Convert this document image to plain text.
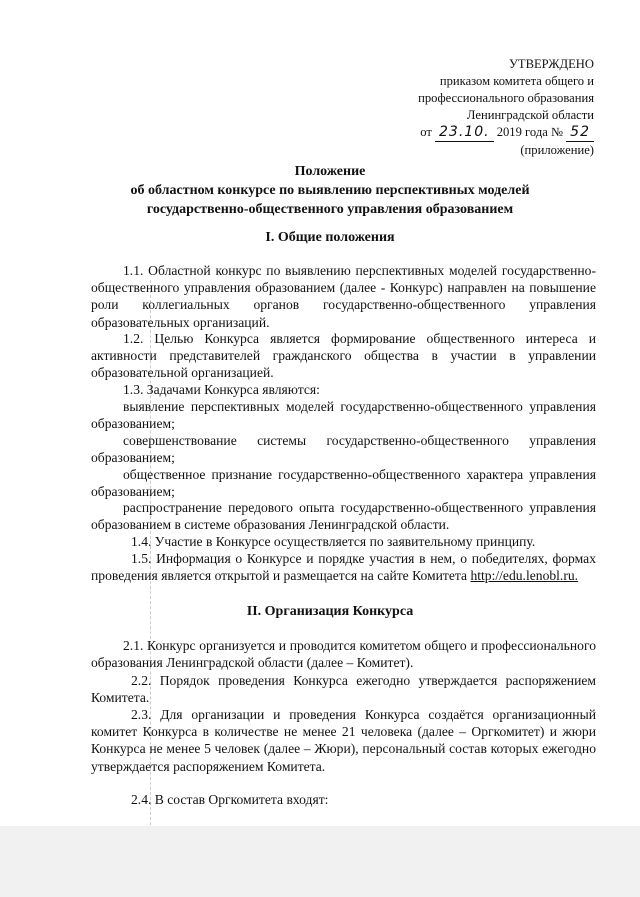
УТВЕРЖДЕНО
приказом комитета общего и
профессионального образования
Ленинградской области
от 23.10. 2019 года № 52
(приложение)
Положение
об областном конкурсе по выявлению перспективных моделей
государственно-общественного управления образованием
I. Общие положения
1.1. Областной конкурс по выявлению перспективных моделей государственно-общественного управления образованием (далее - Конкурс) направлен на повышение роли коллегиальных органов государственно-общественного управления образовательных организаций.
1.2. Целью Конкурса является формирование общественного интереса и активности представителей гражданского общества в участии в управлении образовательной организацией.
1.3. Задачами Конкурса являются:
выявление перспективных моделей государственно-общественного управления образованием;
совершенствование системы государственно-общественного управления образованием;
общественное признание государственно-общественного характера управления образованием;
распространение передового опыта государственно-общественного управления образованием в системе образования Ленинградской области.
1.4. Участие в Конкурсе осуществляется по заявительному принципу.
1.5. Информация о Конкурсе и порядке участия в нем, о победителях, формах проведения является открытой и размещается на сайте Комитета http://edu.lenobl.ru.
II. Организация Конкурса
2.1. Конкурс организуется и проводится комитетом общего и профессионального образования Ленинградской области (далее – Комитет).
2.2. Порядок проведения Конкурса ежегодно утверждается распоряжением Комитета.
2.3. Для организации и проведения Конкурса создаётся организационный комитет Конкурса в количестве не менее 21 человека (далее – Оргкомитет) и жюри Конкурса не менее 5 человек (далее – Жюри), персональный состав которых ежегодно утверждается распоряжением Комитета.
2.4. В состав Оргкомитета входят:
